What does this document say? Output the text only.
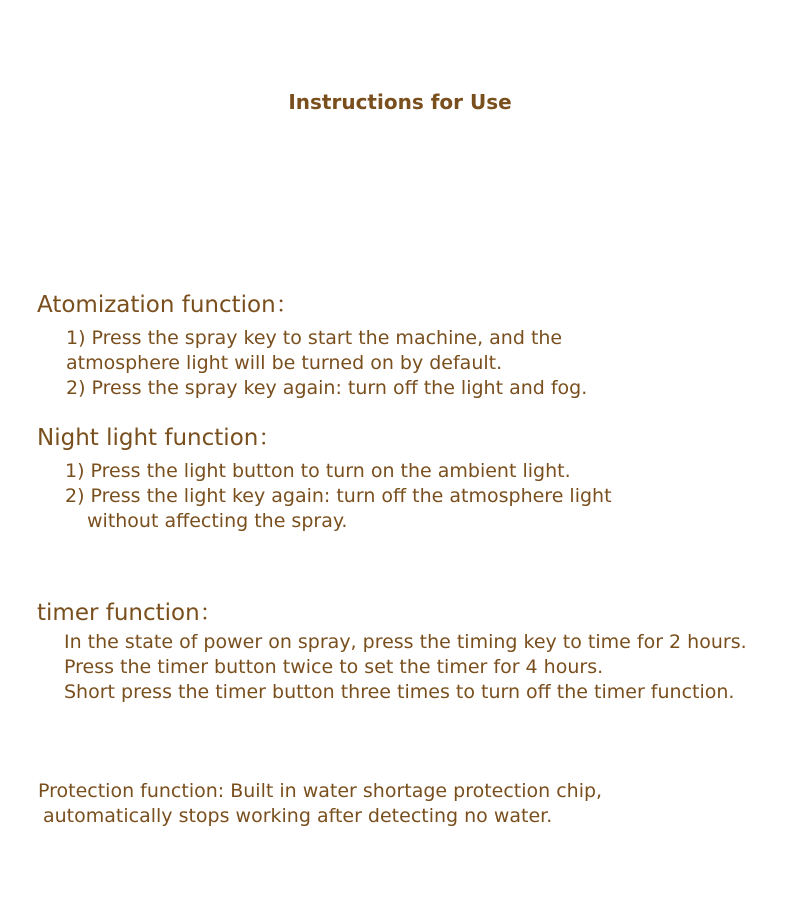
Instructions for Use
Atomization function：
1) Press the spray key to start the machine, and the
atmosphere light will be turned on by default.
2) Press the spray key again: turn off the light and fog.
Night light function：
1) Press the light button to turn on the ambient light.
2) Press the light key again: turn off the atmosphere light
without affecting the spray.
timer function：
In the state of power on spray, press the timing key to time for 2 hours.
Press the timer button twice to set the timer for 4 hours.
Short press the timer button three times to turn off the timer function.
Protection function: Built in water shortage protection chip,
automatically stops working after detecting no water.
